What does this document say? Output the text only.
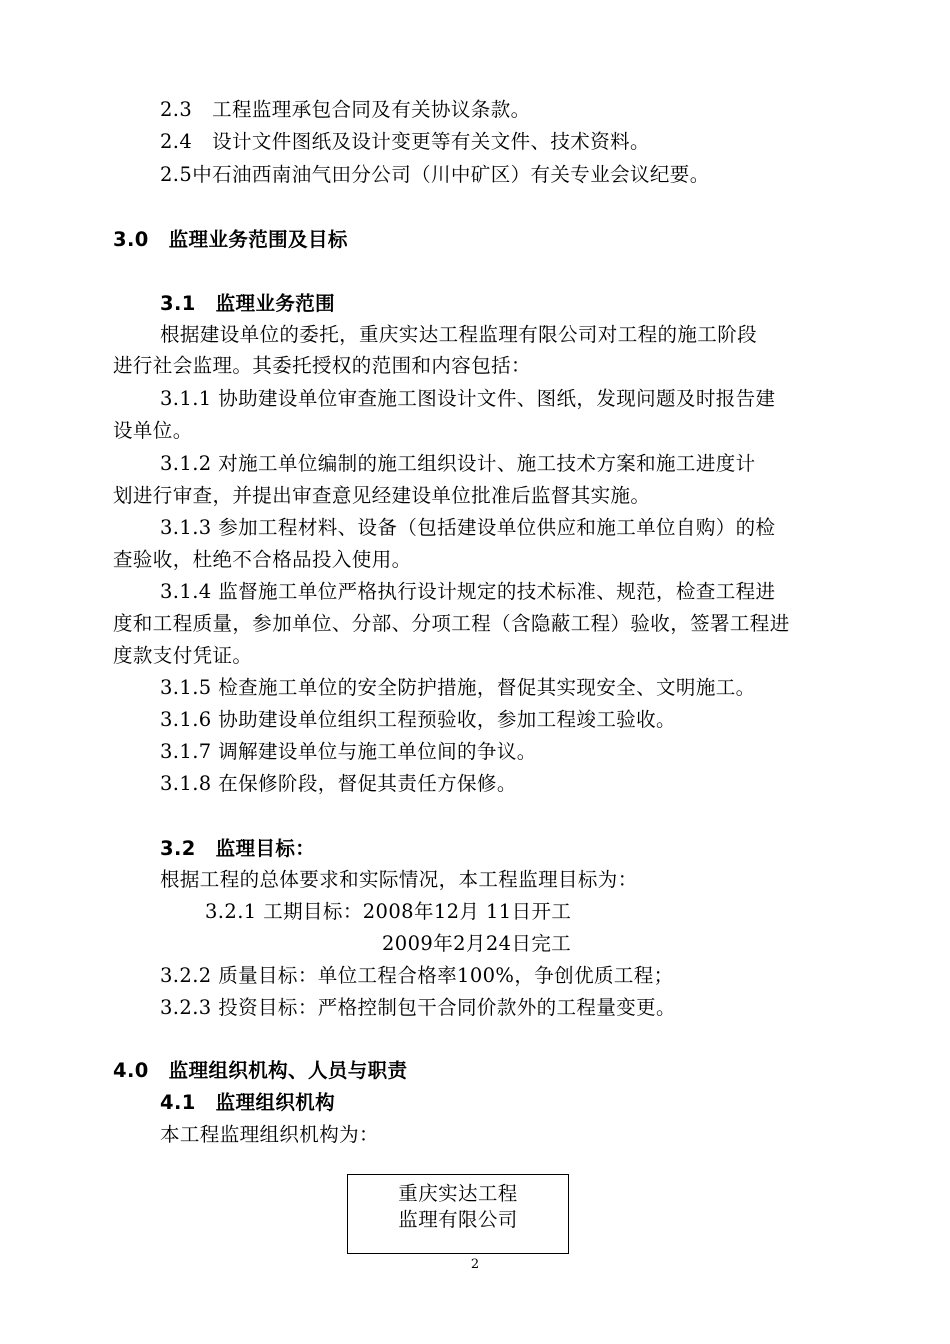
2.3　工程监理承包合同及有关协议条款。
2.4　设计文件图纸及设计变更等有关文件、技术资料。
2.5中石油西南油气田分公司（川中矿区）有关专业会议纪要。
3.0　监理业务范围及目标
3.1　监理业务范围
根据建设单位的委托，重庆实达工程监理有限公司对工程的施工阶段
进行社会监理。其委托授权的范围和内容包括：
3.1.1 协助建设单位审查施工图设计文件、图纸，发现问题及时报告建
设单位。
3.1.2 对施工单位编制的施工组织设计、施工技术方案和施工进度计
划进行审查，并提出审查意见经建设单位批准后监督其实施。
3.1.3 参加工程材料、设备（包括建设单位供应和施工单位自购）的检
查验收，杜绝不合格品投入使用。
3.1.4 监督施工单位严格执行设计规定的技术标准、规范，检查工程进
度和工程质量，参加单位、分部、分项工程（含隐蔽工程）验收，签署工程进
度款支付凭证。
3.1.5 检查施工单位的安全防护措施，督促其实现安全、文明施工。
3.1.6 协助建设单位组织工程预验收，参加工程竣工验收。
3.1.7 调解建设单位与施工单位间的争议。
3.1.8 在保修阶段，督促其责任方保修。
3.2　监理目标：
根据工程的总体要求和实际情况，本工程监理目标为：
3.2.1 工期目标：2008年12月 11日开工
2009年2月24日完工
3.2.2 质量目标：单位工程合格率100%，争创优质工程；
3.2.3 投资目标：严格控制包干合同价款外的工程量变更。
4.0　监理组织机构、人员与职责
4.1　监理组织机构
本工程监理组织机构为：
重庆实达工程
监理有限公司
2
